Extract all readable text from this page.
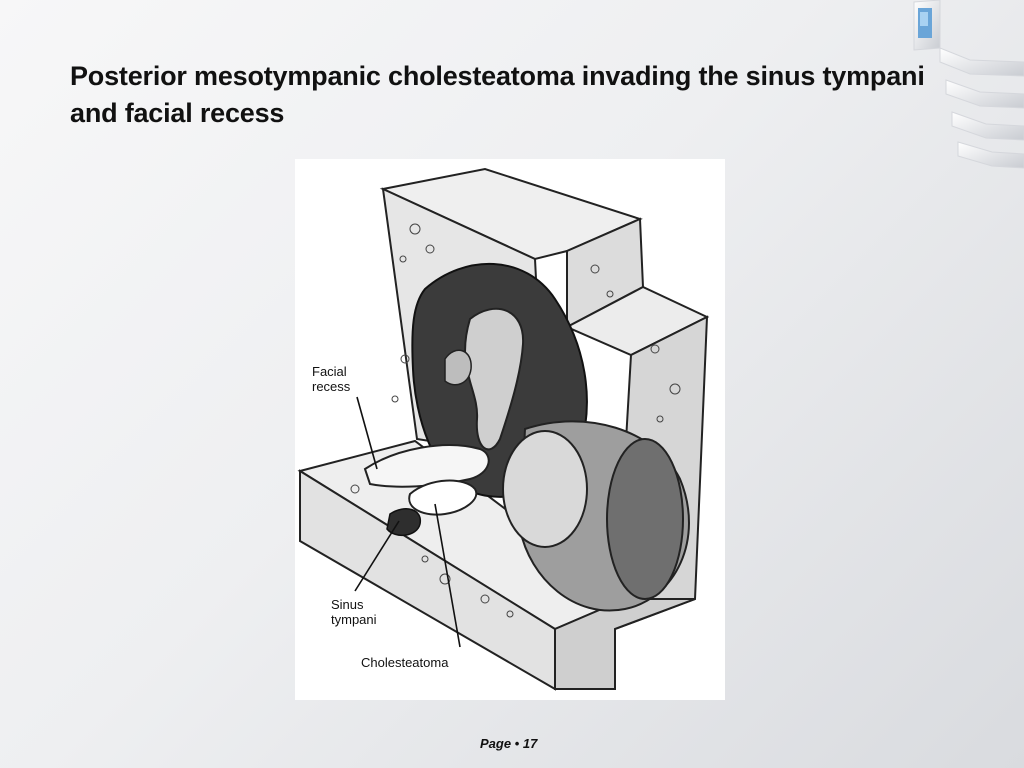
Posterior mesotympanic cholesteatoma invading the sinus tympani and facial recess
Facial recess
Sinus tympani
Cholesteatoma
Page • 17
